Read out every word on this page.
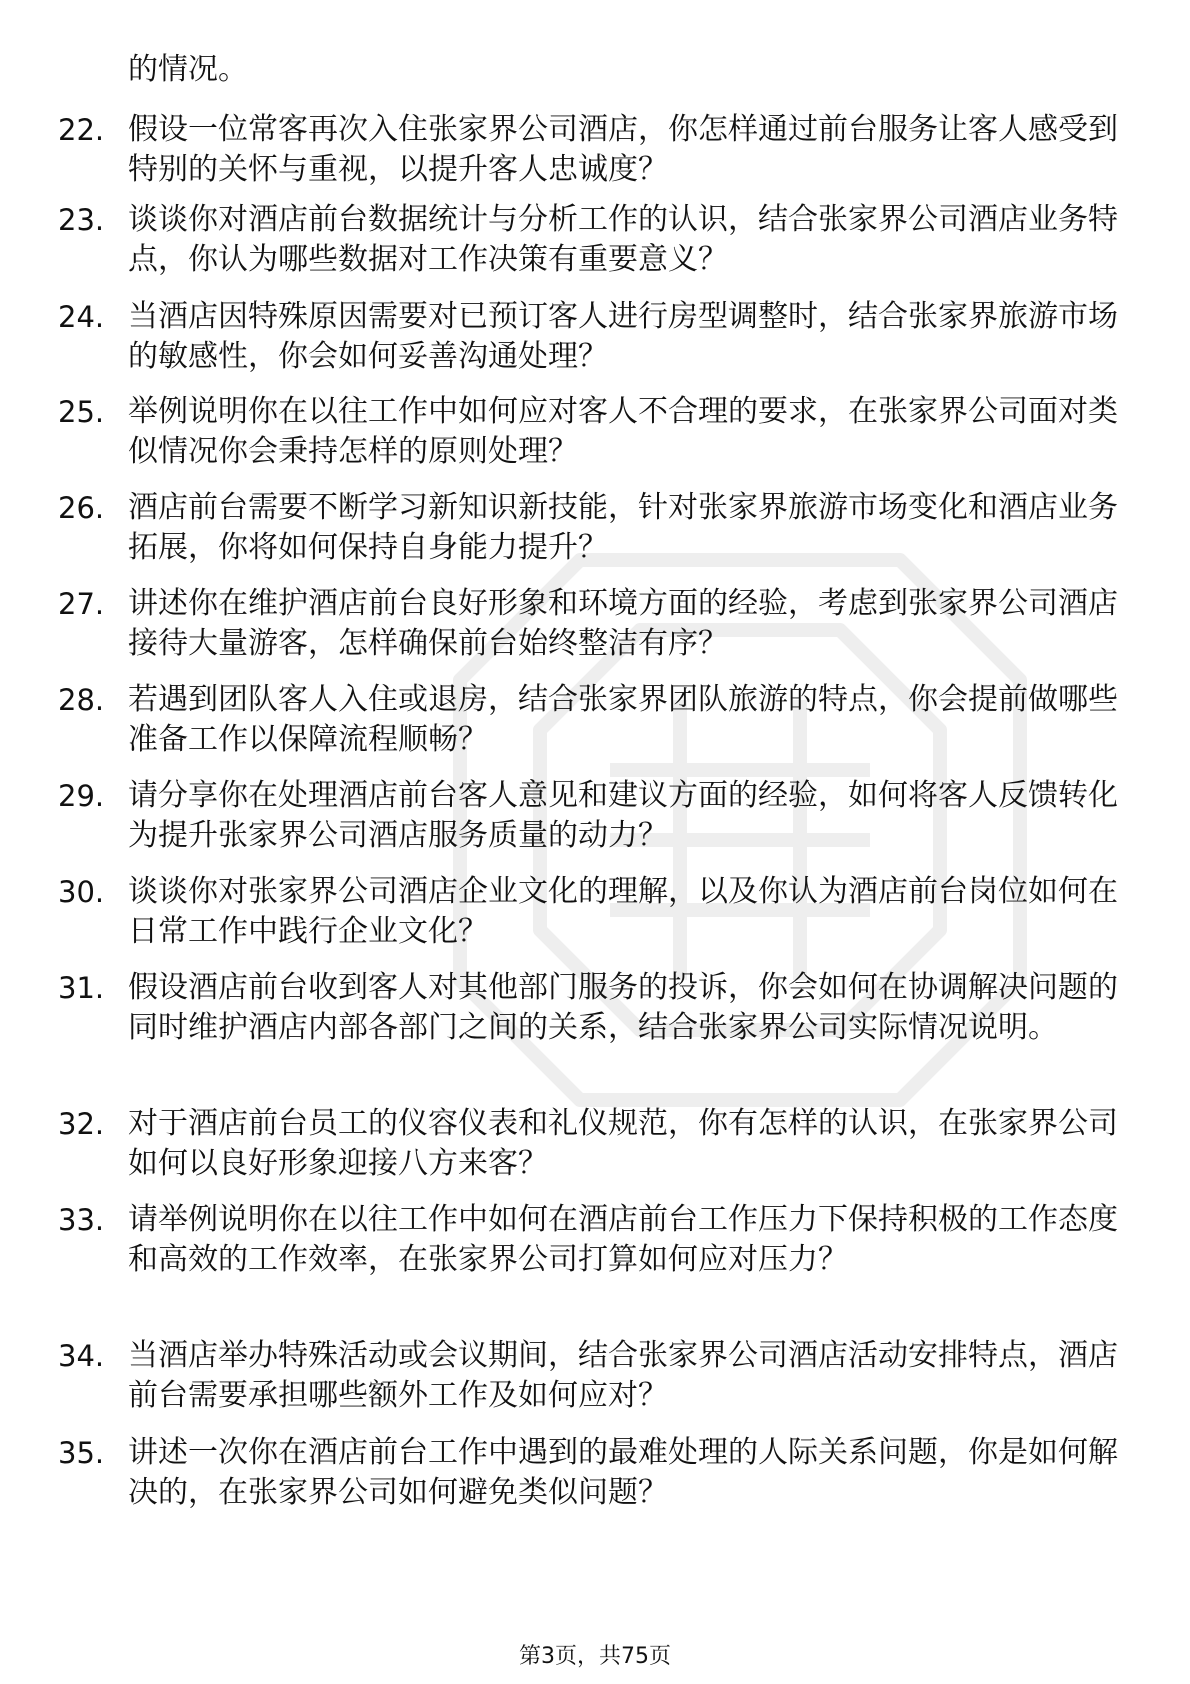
的情况。

22. 假设一位常客再次入住张家界公司酒店，你怎样通过前台服务让客人感受到特别的关怀与重视，以提升客人忠诚度？

23. 谈谈你对酒店前台数据统计与分析工作的认识，结合张家界公司酒店业务特点，你认为哪些数据对工作决策有重要意义？

24. 当酒店因特殊原因需要对已预订客人进行房型调整时，结合张家界旅游市场的敏感性，你会如何妥善沟通处理？

25. 举例说明你在以往工作中如何应对客人不合理的要求，在张家界公司面对类似情况你会秉持怎样的原则处理？

26. 酒店前台需要不断学习新知识新技能，针对张家界旅游市场变化和酒店业务拓展，你将如何保持自身能力提升？

27. 讲述你在维护酒店前台良好形象和环境方面的经验，考虑到张家界公司酒店接待大量游客，怎样确保前台始终整洁有序？

28. 若遇到团队客人入住或退房，结合张家界团队旅游的特点，你会提前做哪些准备工作以保障流程顺畅？

29. 请分享你在处理酒店前台客人意见和建议方面的经验，如何将客人反馈转化为提升张家界公司酒店服务质量的动力？

30. 谈谈你对张家界公司酒店企业文化的理解，以及你认为酒店前台岗位如何在日常工作中践行企业文化？

31. 假设酒店前台收到客人对其他部门服务的投诉，你会如何在协调解决问题的同时维护酒店内部各部门之间的关系，结合张家界公司实际情况说明。

32. 对于酒店前台员工的仪容仪表和礼仪规范，你有怎样的认识，在张家界公司如何以良好形象迎接八方来客？

33. 请举例说明你在以往工作中如何在酒店前台工作压力下保持积极的工作态度和高效的工作效率，在张家界公司打算如何应对压力？

34. 当酒店举办特殊活动或会议期间，结合张家界公司酒店活动安排特点，酒店前台需要承担哪些额外工作及如何应对？

35. 讲述一次你在酒店前台工作中遇到的最难处理的人际关系问题，你是如何解决的，在张家界公司如何避免类似问题？

第3页，共75页
